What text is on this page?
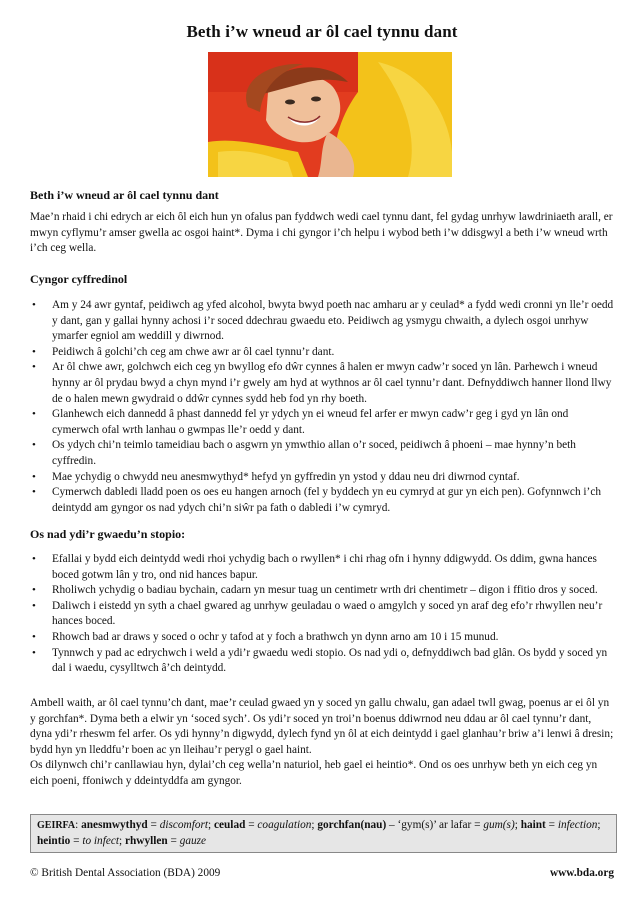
Beth i’w wneud ar ôl cael tynnu dant

Beth i’w wneud ar ôl cael tynnu dant

Mae’n rhaid i chi edrych ar eich ôl eich hun yn ofalus pan fyddwch wedi cael tynnu dant, fel gydag unrhyw lawdriniaeth arall, er mwyn cyflymu’r amser gwella ac osgoi haint*. Dyma i chi gyngor i’ch helpu i wybod beth i’w ddisgwyl a beth i’w wneud wrth i’ch ceg wella.

Cyngor cyffredinol

• Am y 24 awr gyntaf, peidiwch ag yfed alcohol, bwyta bwyd poeth nac amharu ar y ceulad* a fydd wedi cronni yn lle’r oedd y dant, gan y gallai hynny achosi i’r soced ddechrau gwaedu eto. Peidiwch ag ysmygu chwaith, a dylech osgoi unrhyw ymarfer egniol am weddill y diwrnod.
• Peidiwch â golchi’ch ceg am chwe awr ar ôl cael tynnu’r dant.
• Ar ôl chwe awr, golchwch eich ceg yn bwyllog efo dŵr cynnes â halen er mwyn cadw’r soced yn lân. Parhewch i wneud hynny ar ôl prydau bwyd a chyn mynd i’r gwely am hyd at wythnos ar ôl cael tynnu’r dant. Defnyddiwch hanner llond llwy de o halen mewn gwydraid o ddŵr cynnes sydd heb fod yn rhy boeth.
• Glanhewch eich dannedd â phast dannedd fel yr ydych yn ei wneud fel arfer er mwyn cadw’r geg i gyd yn lân ond cymerwch ofal wrth lanhau o gwmpas lle’r oedd y dant.
• Os ydych chi’n teimlo tameidiau bach o asgwrn yn ymwthio allan o’r soced, peidiwch â phoeni – mae hynny’n beth cyffredin.
• Mae ychydig o chwydd neu anesmwythyd* hefyd yn gyffredin yn ystod y ddau neu dri diwrnod cyntaf.
• Cymerwch dabledi lladd poen os oes eu hangen arnoch (fel y byddech yn eu cymryd at gur yn eich pen). Gofynnwch i’ch deintydd am gyngor os nad ydych chi’n siŵr pa fath o dabledi i’w cymryd.

Os nad ydi’r gwaedu’n stopio:

• Efallai y bydd eich deintydd wedi rhoi ychydig bach o rwyllen* i chi rhag ofn i hynny ddigwydd. Os ddim, gwna hances boced gotwm lân y tro, ond nid hances bapur.
• Rholiwch ychydig o badiau bychain, cadarn yn mesur tuag un centimetr wrth dri chentimetr – digon i ffitio dros y soced.
• Daliwch i eistedd yn syth a chael gwared ag unrhyw geuladau o waed o amgylch y soced yn araf deg efo’r rhwyllen neu’r hances boced.
• Rhowch bad ar draws y soced o ochr y tafod at y foch a brathwch yn dynn arno am 10 i 15 munud.
• Tynnwch y pad ac edrychwch i weld a ydi’r gwaedu wedi stopio. Os nad ydi o, defnyddiwch bad glân. Os bydd y soced yn dal i waedu, cysylltwch â’ch deintydd.

Ambell waith, ar ôl cael tynnu’ch dant, mae’r ceulad gwaed yn y soced yn gallu chwalu, gan adael twll gwag, poenus ar ei ôl yn y gorchfan*. Dyma beth a elwir yn ‘soced sych’. Os ydi’r soced yn troi’n boenus ddiwrnod neu ddau ar ôl cael tynnu’r dant, dyna ydi’r rheswm fel arfer. Os ydi hynny’n digwydd, dylech fynd yn ôl at eich deintydd i gael glanhau’r briw a’i lenwi â dresin; bydd hyn yn lleddfu’r boen ac yn lleihau’r perygl o gael haint.

Os dilynwch chi’r canllawiau hyn, dylai’ch ceg wella’n naturiol, heb gael ei heintio*. Ond os oes unrhyw beth yn eich ceg yn eich poeni, ffoniwch y ddeintyddfa am gyngor.

GEIRFA: anesmwythyd = discomfort; ceulad = coagulation; gorchfan(nau) – ‘gym(s)’ ar lafar = gum(s); haint = infection; heintio = to infect; rhwyllen = gauze
© British Dental Association (BDA) 2009	www.bda.org
